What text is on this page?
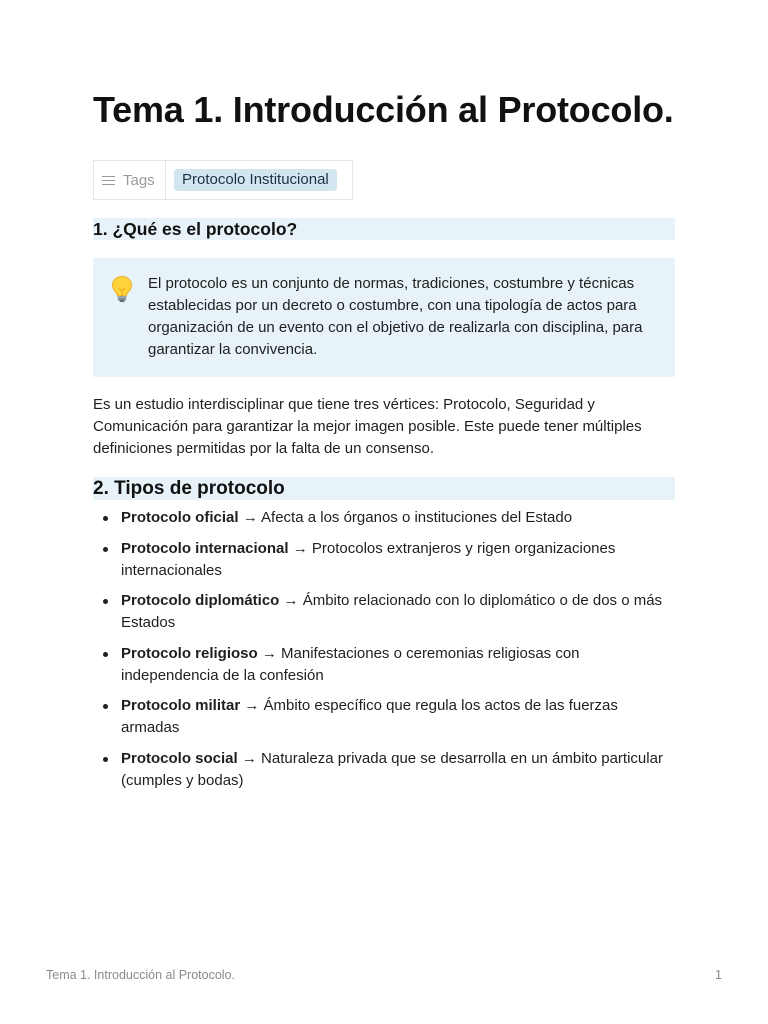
Tema 1. Introducción al Protocolo.
Tags	Protocolo Institucional
1. ¿Qué es el protocolo?
El protocolo es un conjunto de normas, tradiciones, costumbre y técnicas establecidas por un decreto o costumbre, con una tipología de actos para organización de un evento con el objetivo de realizarla con disciplina, para garantizar la convivencia.
Es un estudio interdisciplinar que tiene tres vértices: Protocolo, Seguridad y Comunicación para garantizar la mejor imagen posible. Este puede tener múltiples definiciones permitidas por la falta de un consenso.
2. Tipos de protocolo
Protocolo oficial → Afecta a los órganos o instituciones del Estado
Protocolo internacional → Protocolos extranjeros y rigen organizaciones internacionales
Protocolo diplomático → Ámbito relacionado con lo diplomático o de dos o más Estados
Protocolo religioso → Manifestaciones o ceremonias religiosas con independencia de la confesión
Protocolo militar → Ámbito específico que regula los actos de las fuerzas armadas
Protocolo social → Naturaleza privada que se desarrolla en un ámbito particular (cumples y bodas)
Tema 1. Introducción al Protocolo.	1
